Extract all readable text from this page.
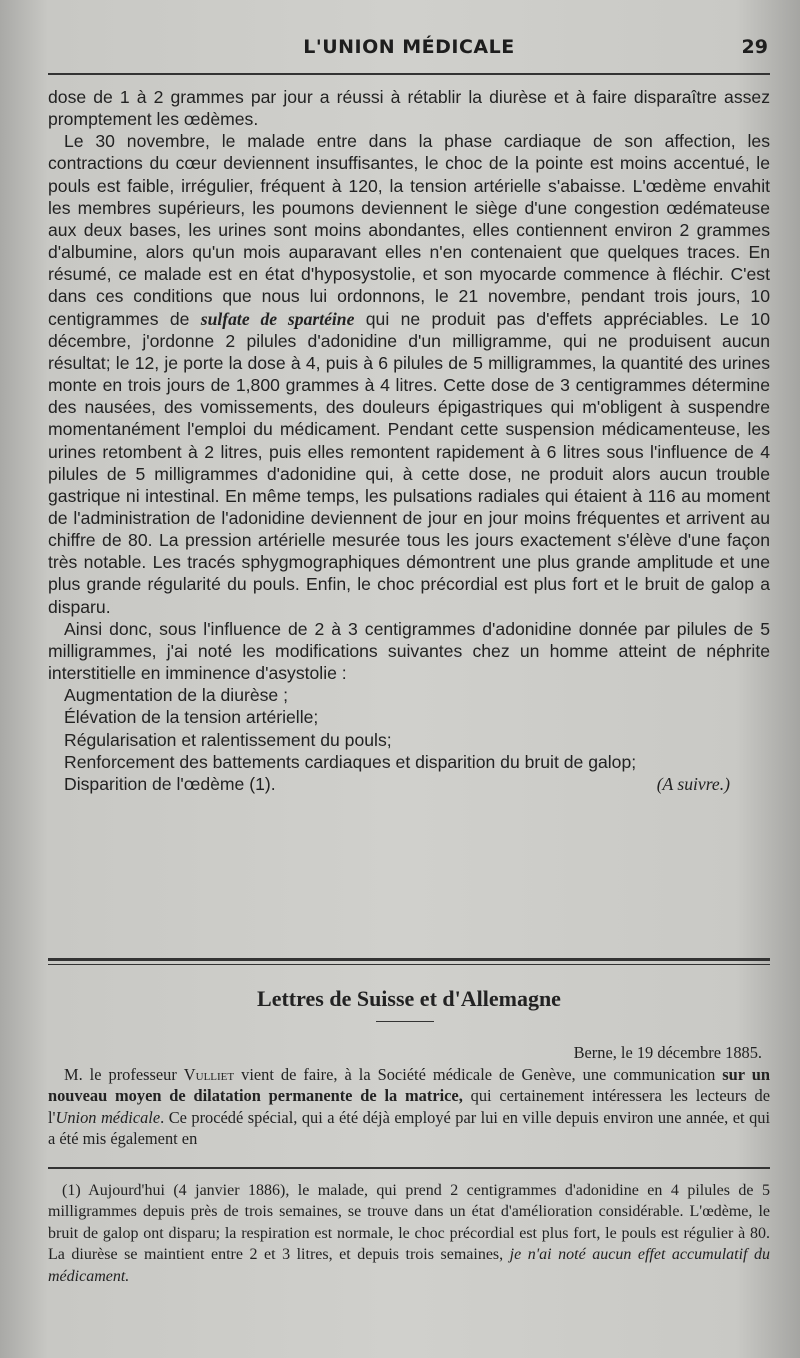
L'UNION MÉDICALE	29

dose de 1 à 2 grammes par jour a réussi à rétablir la diurèse et à faire disparaître assez promptement les œdèmes.

Le 30 novembre, le malade entre dans la phase cardiaque de son affection, les contractions du cœur deviennent insuffisantes, le choc de la pointe est moins accentué, le pouls est faible, irrégulier, fréquent à 120, la tension artérielle s'abaisse. L'œdème envahit les membres supérieurs, les poumons deviennent le siège d'une congestion œdémateuse aux deux bases, les urines sont moins abondantes, elles contiennent environ 2 grammes d'albumine, alors qu'un mois auparavant elles n'en contenaient que quelques traces. En résumé, ce malade est en état d'hyposystolie, et son myocarde commence à fléchir. C'est dans ces conditions que nous lui ordonnons, le 21 novembre, pendant trois jours, 10 centigrammes de sulfate de spartéine qui ne produit pas d'effets appréciables. Le 10 décembre, j'ordonne 2 pilules d'adonidine d'un milligramme, qui ne produisent aucun résultat; le 12, je porte la dose à 4, puis à 6 pilules de 5 milligrammes, la quantité des urines monte en trois jours de 1,800 grammes à 4 litres. Cette dose de 3 centigrammes détermine des nausées, des vomissements, des douleurs épigastriques qui m'obligent à suspendre momentanément l'emploi du médicament. Pendant cette suspension médicamenteuse, les urines retombent à 2 litres, puis elles remontent rapidement à 6 litres sous l'influence de 4 pilules de 5 milligrammes d'adonidine qui, à cette dose, ne produit alors aucun trouble gastrique ni intestinal. En même temps, les pulsations radiales qui étaient à 116 au moment de l'administration de l'adonidine deviennent de jour en jour moins fréquentes et arrivent au chiffre de 80. La pression artérielle mesurée tous les jours exactement s'élève d'une façon très notable. Les tracés sphygmographiques démontrent une plus grande amplitude et une plus grande régularité du pouls. Enfin, le choc précordial est plus fort et le bruit de galop a disparu.

Ainsi donc, sous l'influence de 2 à 3 centigrammes d'adonidine donnée par pilules de 5 milligrammes, j'ai noté les modifications suivantes chez un homme atteint de néphrite interstitielle en imminence d'asystolie :

Augmentation de la diurèse ;
Élévation de la tension artérielle;
Régularisation et ralentissement du pouls;
Renforcement des battements cardiaques et disparition du bruit de galop;
Disparition de l'œdème (1).	(A suivre.)
Lettres de Suisse et d'Allemagne

Berne, le 19 décembre 1885.

M. le professeur Vulliet vient de faire, à la Société médicale de Genève, une communication sur un nouveau moyen de dilatation permanente de la matrice, qui certainement intéressera les lecteurs de l'Union médicale. Ce procédé spécial, qui a été déjà employé par lui en ville depuis environ une année, et qui a été mis également en

(1) Aujourd'hui (4 janvier 1886), le malade, qui prend 2 centigrammes d'adonidine en 4 pilules de 5 milligrammes depuis près de trois semaines, se trouve dans un état d'amélioration considérable. L'œdème, le bruit de galop ont disparu; la respiration est normale, le choc précordial est plus fort, le pouls est régulier à 80. La diurèse se maintient entre 2 et 3 litres, et depuis trois semaines, je n'ai noté aucun effet accumulatif du médicament.
